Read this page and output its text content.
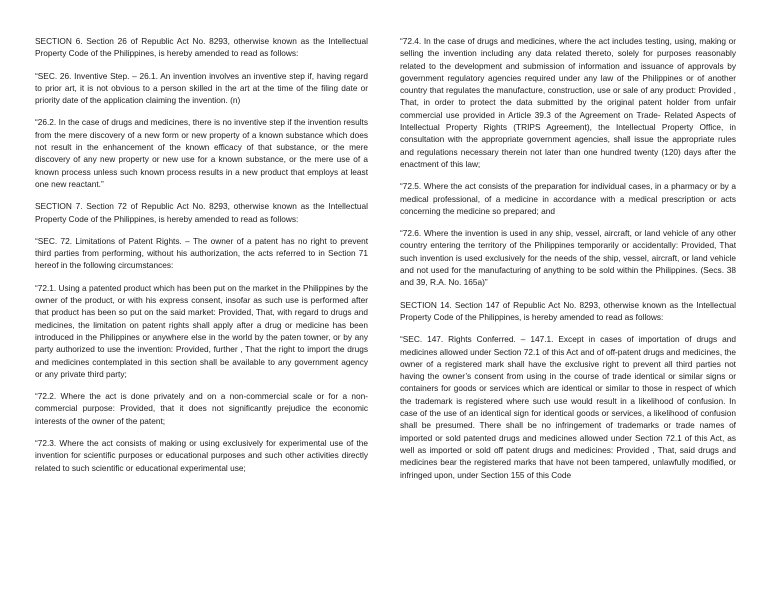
SECTION 6. Section 26 of Republic Act No. 8293, otherwise known as the Intellectual Property Code of the Philippines, is hereby amended to read as follows:

“SEC. 26. Inventive Step. – 26.1. An invention involves an inventive step if, having regard to prior art, it is not obvious to a person skilled in the art at the time of the filing date or priority date of the application claiming the invention. (n)

“26.2. In the case of drugs and medicines, there is no inventive step if the invention results from the mere discovery of a new form or new property of a known substance which does not result in the enhancement of the known efficacy of that substance, or the mere discovery of any new property or new use for a known substance, or the mere use of a known process unless such known process results in a new product that employs at least one new reactant.”

SECTION 7. Section 72 of Republic Act No. 8293, otherwise known as the Intellectual Property Code of the Philippines, is hereby amended to read as follows:

“SEC. 72. Limitations of Patent Rights. – The owner of a patent has no right to prevent third parties from performing, without his authorization, the acts referred to in Section 71 hereof in the following circumstances:

“72.1. Using a patented product which has been put on the market in the Philippines by the owner of the product, or with his express consent, insofar as such use is performed after that product has been so put on the said market: Provided, That, with regard to drugs and medicines, the limitation on patent rights shall apply after a drug or medicine has been introduced in the Philippines or anywhere else in the world by the paten towner, or by any party authorized to use the invention: Provided, further , That the right to import the drugs and medicines contemplated in this section shall be available to any government agency or any private third party;

“72.2. Where the act is done privately and on a non-commercial scale or for a non-commercial purpose: Provided, that it does not significantly prejudice the economic interests of the owner of the patent;

“72.3. Where the act consists of making or using exclusively for experimental use of the invention for scientific purposes or educational purposes and such other activities directly related to such scientific or educational experimental use;

“72.4. In the case of drugs and medicines, where the act includes testing, using, making or selling the invention including any data related thereto, solely for purposes reasonably related to the development and submission of information and issuance of approvals by government regulatory agencies required under any law of the Philippines or of another country that regulates the manufacture, construction, use or sale of any product: Provided , That, in order to protect the data submitted by the original patent holder from unfair commercial use provided in Article 39.3 of the Agreement on Trade- Related Aspects of Intellectual Property Rights (TRIPS Agreement), the Intellectual Property Office, in consultation with the appropriate government agencies, shall issue the appropriate rules and regulations necessary therein not later than one hundred twenty (120) days after the enactment of this law;

“72.5. Where the act consists of the preparation for individual cases, in a pharmacy or by a medical professional, of a medicine in accordance with a medical prescription or acts concerning the medicine so prepared; and

“72.6. Where the invention is used in any ship, vessel, aircraft, or land vehicle of any other country entering the territory of the Philippines temporarily or accidentally: Provided, That such invention is used exclusively for the needs of the ship, vessel, aircraft, or land vehicle and not used for the manufacturing of anything to be sold within the Philippines. (Secs. 38 and 39, R.A. No. 165a)”

SECTION 14. Section 147 of Republic Act No. 8293, otherwise known as the Intellectual Property Code of the Philippines, is hereby amended to read as follows:

“SEC. 147. Rights Conferred. – 147.1. Except in cases of importation of drugs and medicines allowed under Section 72.1 of this Act and of off-patent drugs and medicines, the owner of a registered mark shall have the exclusive right to prevent all third parties not having the owner’s consent from using in the course of trade identical or similar signs or containers for goods or services which are identical or similar to those in respect of which the trademark is registered where such use would result in a likelihood of confusion. In case of the use of an identical sign for identical goods or services, a likelihood of confusion shall be presumed. There shall be no infringement of trademarks or trade names of imported or sold patented drugs and medicines allowed under Section 72.1 of this Act, as well as imported or sold off patent drugs and medicines: Provided , That, said drugs and medicines bear the registered marks that have not been tampered, unlawfully modified, or infringed upon, under Section 155 of this Code
